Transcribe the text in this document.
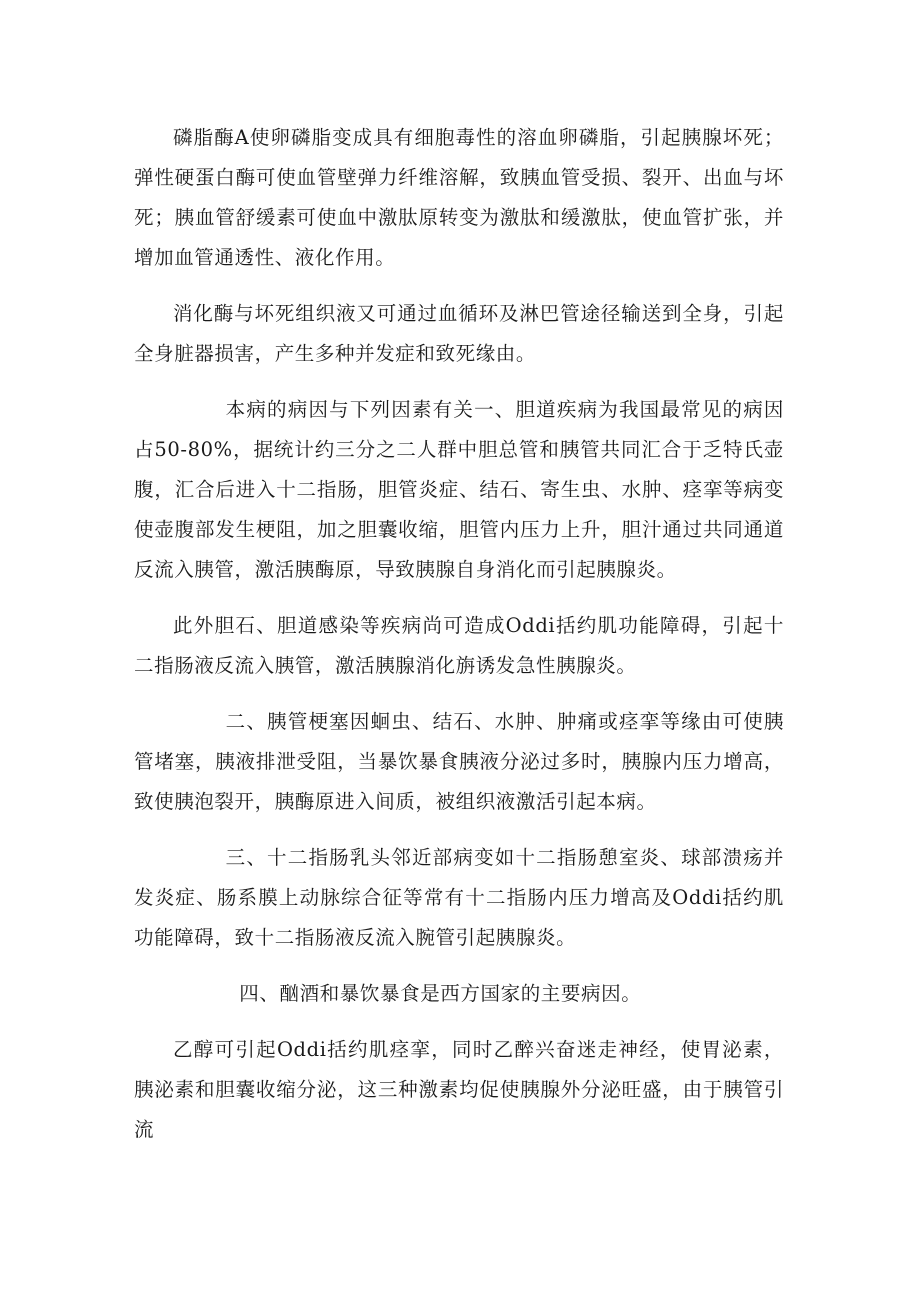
磷脂酶A使卵磷脂变成具有细胞毒性的溶血卵磷脂，引起胰腺坏死；弹性硬蛋白酶可使血管壁弹力纤维溶解，致胰血管受损、裂开、出血与坏死；胰血管舒缓素可使血中激肽原转变为激肽和缓激肽，使血管扩张，并增加血管通透性、液化作用。

消化酶与坏死组织液又可通过血循环及淋巴管途径输送到全身，引起全身脏器损害，产生多种并发症和致死缘由。

本病的病因与下列因素有关一、胆道疾病为我国最常见的病因占50-80%，据统计约三分之二人群中胆总管和胰管共同汇合于乏特氏壶腹，汇合后进入十二指肠，胆管炎症、结石、寄生虫、水肿、痉挛等病变使壶腹部发生梗阻，加之胆囊收缩，胆管内压力上升，胆汁通过共同通道反流入胰管，激活胰酶原，导致胰腺自身消化而引起胰腺炎。

此外胆石、胆道感染等疾病尚可造成Oddi括约肌功能障碍，引起十二指肠液反流入胰管，激活胰腺消化旃诱发急性胰腺炎。

二、胰管梗塞因蛔虫、结石、水肿、肿痛或痉挛等缘由可使胰管堵塞，胰液排泄受阻，当暴饮暴食胰液分泌过多时，胰腺内压力增高，致使胰泡裂开，胰酶原进入间质，被组织液激活引起本病。

三、十二指肠乳头邻近部病变如十二指肠憩室炎、球部溃疡并发炎症、肠系膜上动脉综合征等常有十二指肠内压力增高及Oddi括约肌功能障碍，致十二指肠液反流入腕管引起胰腺炎。

四、酗酒和暴饮暴食是西方国家的主要病因。

乙醇可引起Oddi括约肌痉挛，同时乙醉兴奋迷走神经，使胃泌素，胰泌素和胆囊收缩分泌，这三种激素均促使胰腺外分泌旺盛，由于胰管引流
